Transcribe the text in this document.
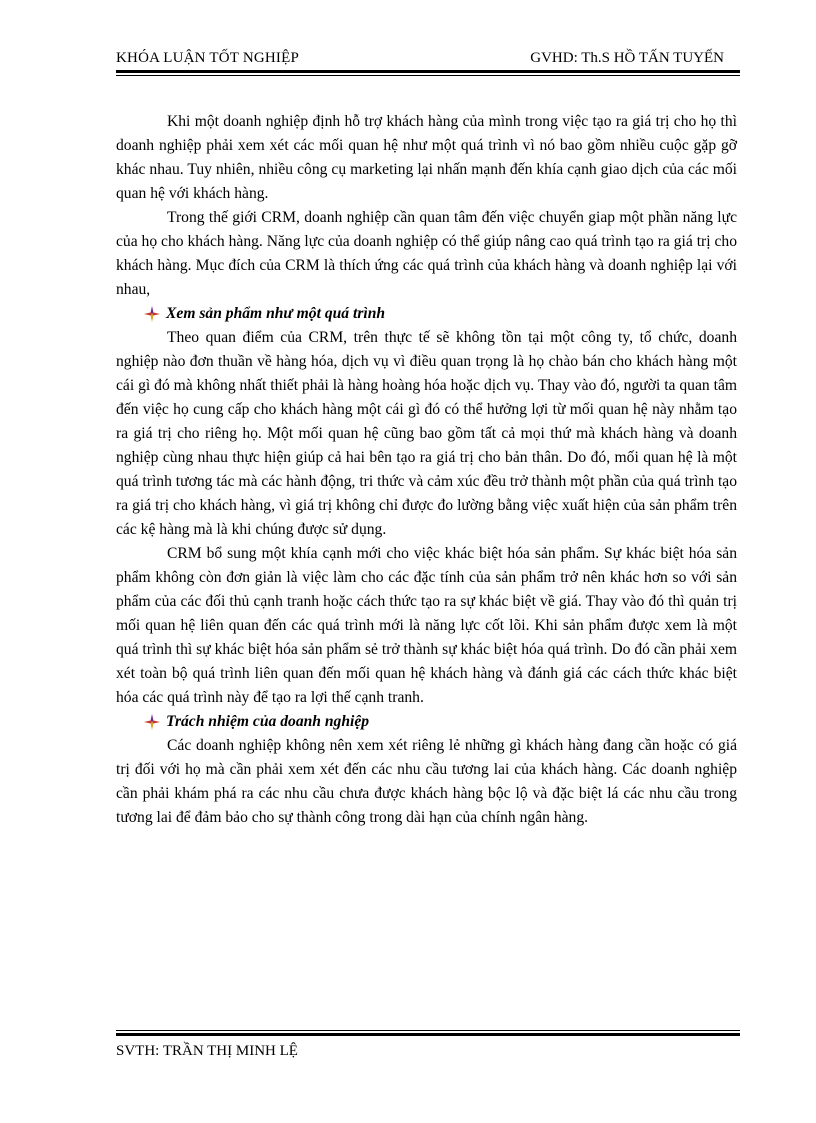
KHÓA LUẬN TỐT NGHIỆP	GVHD: Th.S HỒ TẤN TUYẾN

Khi một doanh nghiệp định hỗ trợ khách hàng của mình trong việc tạo ra giá trị cho họ thì doanh nghiệp phải xem xét các mối quan hệ như một quá trình vì nó bao gồm nhiều cuộc gặp gỡ khác nhau. Tuy nhiên, nhiều công cụ marketing lại nhấn mạnh đến khía cạnh giao dịch của các mối quan hệ với khách hàng.

Trong thế giới CRM, doanh nghiệp cần quan tâm đến việc chuyển giap một phần năng lực của họ cho khách hàng. Năng lực của doanh nghiệp có thể giúp nâng cao quá trình tạo ra giá trị cho khách hàng. Mục đích của CRM là thích ứng các quá trình của khách hàng và doanh nghiệp lại với nhau,

Xem sản phẩm như một quá trình

Theo quan điểm của CRM, trên thực tế sẽ không tồn tại một công ty, tổ chức, doanh nghiệp nào đơn thuần về hàng hóa, dịch vụ vì điều quan trọng là họ chào bán cho khách hàng một cái gì đó mà không nhất thiết phải là hàng hoàng hóa hoặc dịch vụ. Thay vào đó, người ta quan tâm đến việc họ cung cấp cho khách hàng một cái gì đó có thể hưởng lợi từ mối quan hệ này nhằm tạo ra giá trị cho riêng họ. Một mối quan hệ cũng bao gồm tất cả mọi thứ mà khách hàng và doanh nghiệp cùng nhau thực hiện giúp cả hai bên tạo ra giá trị cho bản thân. Do đó, mối quan hệ là một quá trình tương tác mà các hành động, tri thức và cảm xúc đều trở thành một phần của quá trình tạo ra giá trị cho khách hàng, vì giá trị không chỉ được đo lường bằng việc xuất hiện của sản phẩm trên các kệ hàng mà là khi chúng được sử dụng.

CRM bổ sung một khía cạnh mới cho việc khác biệt hóa sản phẩm. Sự khác biệt hóa sản phẩm không còn đơn giản là việc làm cho các đặc tính của sản phẩm trở nên khác hơn so với sản phẩm của các đối thủ cạnh tranh hoặc cách thức tạo ra sự khác biệt về giá. Thay vào đó thì quản trị mối quan hệ liên quan đến các quá trình mới là năng lực cốt lõi. Khi sản phẩm được xem là một quá trình thì sự khác biệt hóa sản phẩm sẻ trở thành sự khác biệt hóa quá trình. Do đó cần phải xem xét toàn bộ quá trình liên quan đến mối quan hệ khách hàng và đánh giá các cách thức khác biệt hóa các quá trình này để tạo ra lợi thế cạnh tranh.

Trách nhiệm của doanh nghiệp

Các doanh nghiệp không nên xem xét riêng lẻ những gì khách hàng đang cần hoặc có giá trị đối với họ mà cần phải xem xét đến các nhu cầu tương lai của khách hàng. Các doanh nghiệp cần phải khám phá ra các nhu cầu chưa được khách hàng bộc lộ và đặc biệt lá các nhu cầu trong tương lai để đảm bảo cho sự thành công trong dài hạn của chính ngân hàng.

SVTH: TRẦN THỊ MINH LỆ
